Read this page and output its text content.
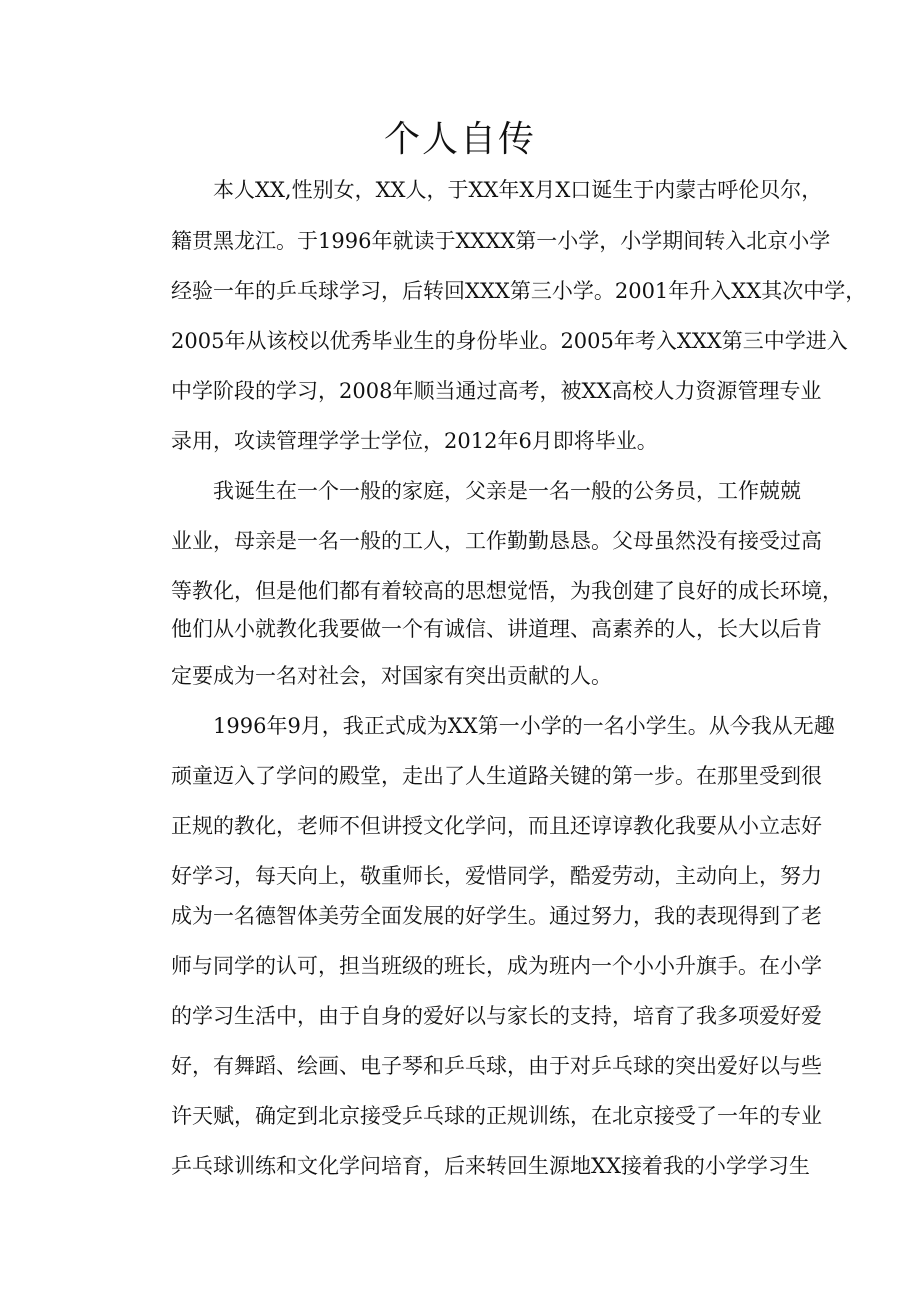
个人自传

本人XX,性别女，XX人，于XX年X月X口诞生于内蒙古呼伦贝尔，

籍贯黑龙江。于1996年就读于XXXX第一小学，小学期间转入北京小学

经验一年的乒乓球学习，后转回XXX第三小学。2001年升入XX其次中学，

2005年从该校以优秀毕业生的身份毕业。2005年考入XXX第三中学进入

中学阶段的学习，2008年顺当通过高考，被XX高校人力资源管理专业

录用，攻读管理学学士学位，2012年6月即将毕业。

我诞生在一个一般的家庭，父亲是一名一般的公务员，工作兢兢

业业，母亲是一名一般的工人，工作勤勤恳恳。父母虽然没有接受过高

等教化，但是他们都有着较高的思想觉悟，为我创建了良好的成长环境，

他们从小就教化我要做一个有诚信、讲道理、高素养的人，长大以后肯

定要成为一名对社会，对国家有突出贡献的人。

1996年9月，我正式成为XX第一小学的一名小学生。从今我从无趣

顽童迈入了学问的殿堂，走出了人生道路关键的第一步。在那里受到很

正规的教化，老师不但讲授文化学问，而且还谆谆教化我要从小立志好

好学习，每天向上，敬重师长，爱惜同学，酷爱劳动，主动向上，努力

成为一名德智体美劳全面发展的好学生。通过努力，我的表现得到了老

师与同学的认可，担当班级的班长，成为班内一个小小升旗手。在小学

的学习生活中，由于自身的爱好以与家长的支持，培育了我多项爱好爱

好，有舞蹈、绘画、电子琴和乒乓球，由于对乒乓球的突出爱好以与些

许天赋，确定到北京接受乒乓球的正规训练，在北京接受了一年的专业

乒乓球训练和文化学问培育，后来转回生源地XX接着我的小学学习生
